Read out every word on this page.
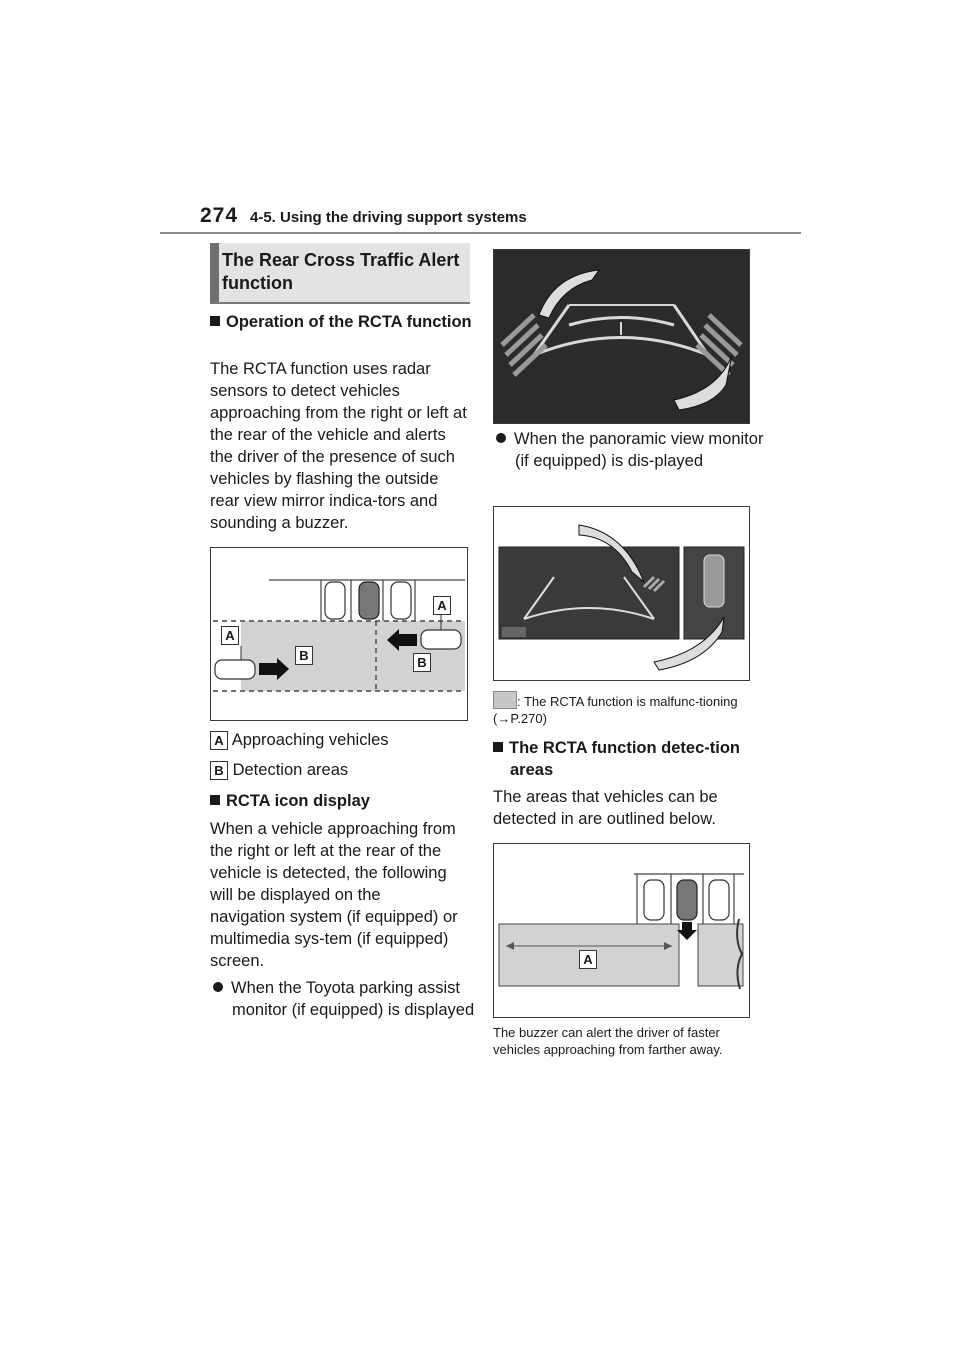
274 4-5. Using the driving support systems
The Rear Cross Traffic Alert function
Operation of the RCTA function
The RCTA function uses radar sensors to detect vehicles approaching from the right or left at the rear of the vehicle and alerts the driver of the presence of such vehicles by flashing the outside rear view mirror indica-tors and sounding a buzzer.
A
A
B	B
A Approaching vehicles
B Detection areas
RCTA icon display
When a vehicle approaching from the right or left at the rear of the vehicle is detected, the following will be displayed on the navigation system (if equipped) or multimedia sys-tem (if equipped) screen.
When the Toyota parking assist monitor (if equipped) is displayed
When the panoramic view monitor (if equipped) is dis-played
: The RCTA function is malfunc-tioning (→P.270)
The RCTA function detec-tion areas
The areas that vehicles can be detected in are outlined below.
A
The buzzer can alert the driver of faster vehicles approaching from farther away.
